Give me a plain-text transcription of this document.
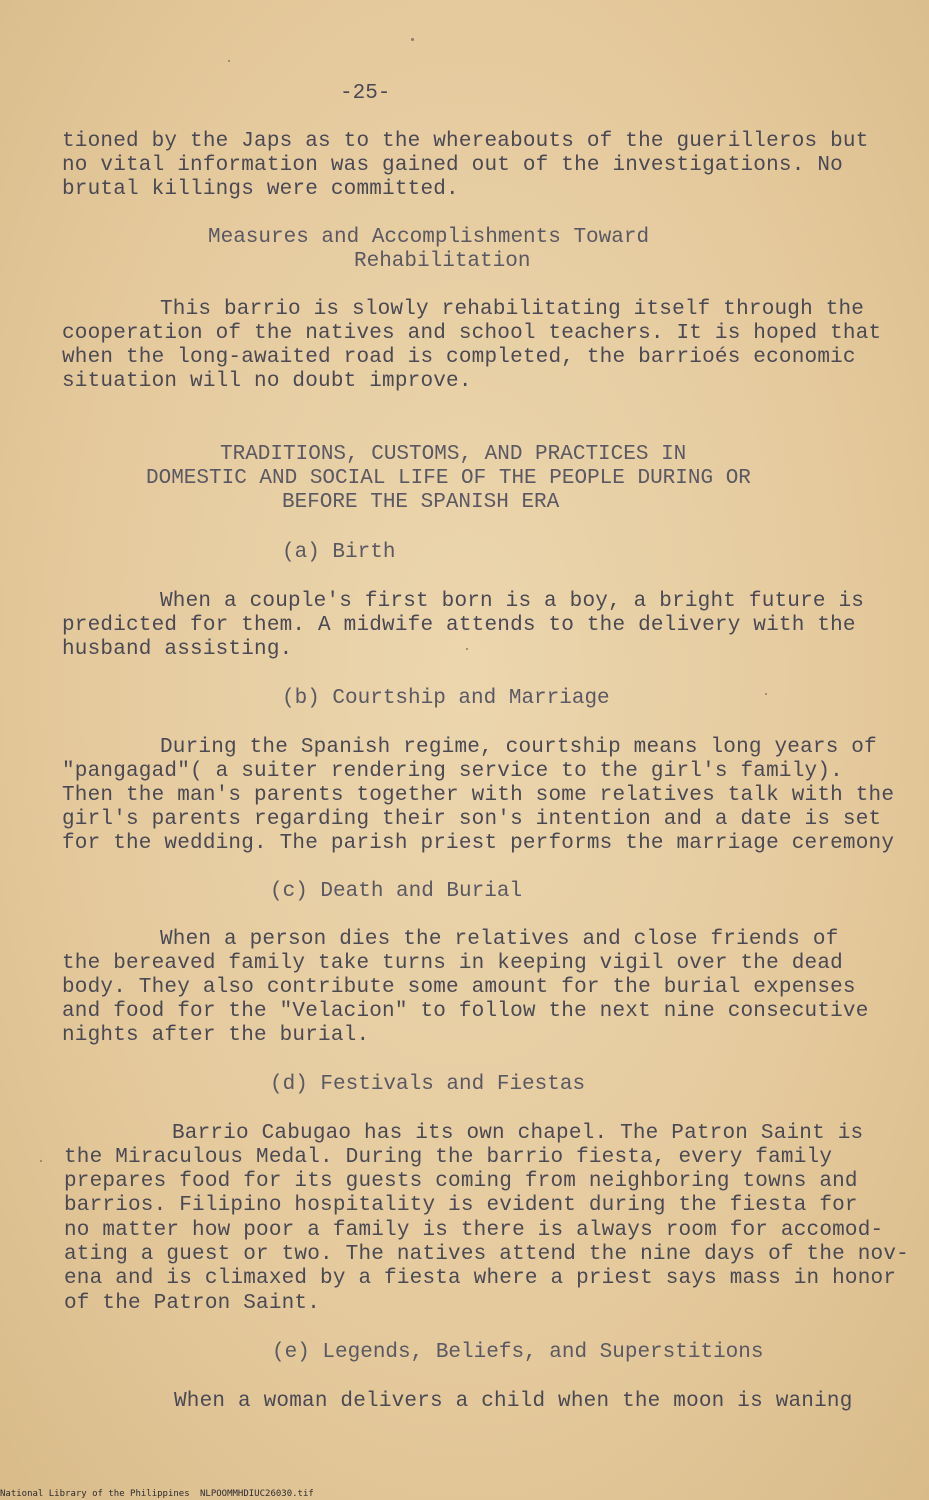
-25-
tioned by the Japs as to the whereabouts of the guerilleros but
no vital information was gained out of the investigations. No
brutal killings were committed.
Measures and Accomplishments Toward
Rehabilitation
This barrio is slowly rehabilitating itself through the
cooperation of the natives and school teachers. It is hoped that
when the long-awaited road is completed, the barrioés economic
situation will no doubt improve.
TRADITIONS, CUSTOMS, AND PRACTICES IN
DOMESTIC AND SOCIAL LIFE OF THE PEOPLE DURING OR
BEFORE THE SPANISH ERA
(a) Birth
When a couple's first born is a boy, a bright future is
predicted for them. A midwife attends to the delivery with the
husband assisting.
(b) Courtship and Marriage
During the Spanish regime, courtship means long years of
"pangagad"( a suiter rendering service to the girl's family).
Then the man's parents together with some relatives talk with the
girl's parents regarding their son's intention and a date is set
for the wedding. The parish priest performs the marriage ceremony
(c) Death and Burial
When a person dies the relatives and close friends of
the bereaved family take turns in keeping vigil over the dead
body. They also contribute some amount for the burial expenses
and food for the "Velacion" to follow the next nine consecutive
nights after the burial.
(d) Festivals and Fiestas
Barrio Cabugao has its own chapel. The Patron Saint is
the Miraculous Medal. During the barrio fiesta, every family
prepares food for its guests coming from neighboring towns and
barrios. Filipino hospitality is evident during the fiesta for
no matter how poor a family is there is always room for accomod-
ating a guest or two. The natives attend the nine days of the nov-
ena and is climaxed by a fiesta where a priest says mass in honor
of the Patron Saint.
(e) Legends, Beliefs, and Superstitions
When a woman delivers a child when the moon is waning
National Library of the Philippines NLPOOMMHDIUC26030.tif
